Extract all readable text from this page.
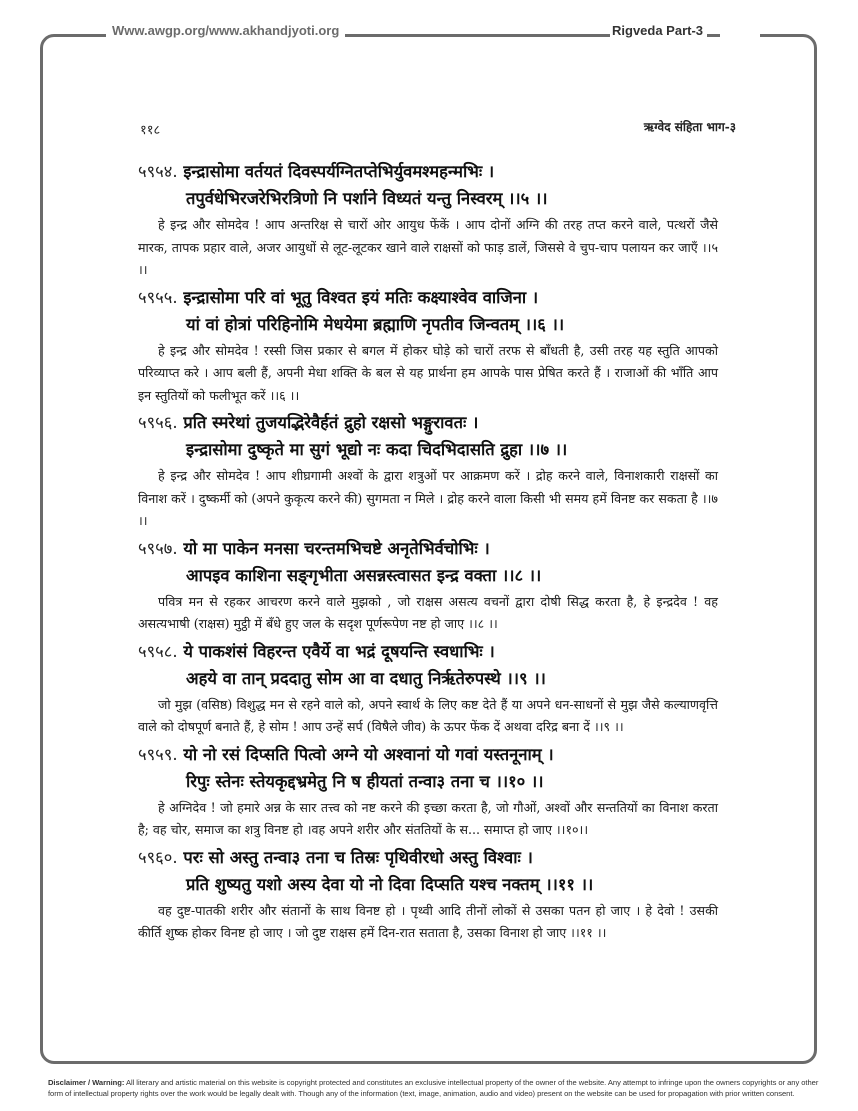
Www.awgp.org/www.akhandjyoti.org	Rigveda Part-3
११८	ऋग्वेद संहिता भाग-३
५९५४. इन्द्रासोमा वर्तयतं दिवस्पर्यग्नितप्तेभिर्युवमश्महन्मभिः ।
तपुर्वधेभिरजरेभिरत्रिणो नि पर्शाने विध्यतं यन्तु निस्वरम् ।।५ ।।

हे इन्द्र और सोमदेव ! आप अन्तरिक्ष से चारों ओर आयुध फेंकें । आप दोनों अग्नि की तरह तप्त करने वाले, पत्थरों जैसे मारक, तापक प्रहार वाले, अजर आयुधों से लूट-लूटकर खाने वाले राक्षसों को फाड़ डालें, जिससे वे चुप-चाप पलायन कर जाएँ ।।५ ।।

५९५५. इन्द्रासोमा परि वां भूतु विश्वत इयं मतिः कक्ष्याश्वेव वाजिना ।
यां वां होत्रां परिहिनोमि मेधयेमा ब्रह्माणि नृपतीव जिन्वतम् ।।६ ।।

हे इन्द्र और सोमदेव ! रस्सी जिस प्रकार से बगल में होकर घोड़े को चारों तरफ से बाँधती है, उसी तरह यह स्तुति आपको परिव्याप्त करे । आप बली हैं, अपनी मेधा शक्ति के बल से यह प्रार्थना हम आपके पास प्रेषित करते हैं । राजाओं की भाँति आप इन स्तुतियों को फलीभूत करें ।।६ ।।

५९५६. प्रति स्मरेथां तुजयद्भिरेवैर्हतं द्रुहो रक्षसो भङ्गुरावतः ।
इन्द्रासोमा दुष्कृते मा सुगं भूद्यो नः कदा चिदभिदासति द्रुहा ।।७ ।।

हे इन्द्र और सोमदेव ! आप शीघ्रगामी अश्वों के द्वारा शत्रुओं पर आक्रमण करें । द्रोह करने वाले, विनाशकारी राक्षसों का विनाश करें । दुष्कर्मी को (अपने कुकृत्य करने की) सुगमता न मिले । द्रोह करने वाला किसी भी समय हमें विनष्ट कर सकता है ।।७ ।।

५९५७. यो मा पाकेन मनसा चरन्तमभिचष्टे अनृतेभिर्वचोभिः ।
आपइव काशिना सङ्गृभीता असन्नस्त्वासत इन्द्र वक्ता ।।८ ।।

पवित्र मन से रहकर आचरण करने वाले मुझको , जो राक्षस असत्य वचनों द्वारा दोषी सिद्ध करता है, हे इन्द्रदेव ! वह असत्यभाषी (राक्षस) मुट्ठी में बँधे हुए जल के सदृश पूर्णरूपेण नष्ट हो जाए ।।८ ।।

५९५८. ये पाकशंसं विहरन्त एवैर्ये वा भद्रं दूषयन्ति स्वधाभिः ।
अहये वा तान् प्रददातु सोम आ वा दधातु निर्ऋतेरुपस्थे ।।९ ।।

जो मुझ (वसिष्ठ) विशुद्ध मन से रहने वाले को, अपने स्वार्थ के लिए कष्ट देते हैं या अपने धन-साधनों से मुझ जैसे कल्याणवृत्ति वाले को दोषपूर्ण बनाते हैं, हे सोम ! आप उन्हें सर्प (विषैले जीव) के ऊपर फेंक दें अथवा दरिद्र बना दें ।।९ ।।

५९५९. यो नो रसं दिप्सति पित्वो अग्ने यो अश्वानां यो गवां यस्तनूनाम् ।
रिपुः स्तेनः स्तेयकृद्दभ्रमेतु नि ष हीयतां तन्वा३ तना च ।।१० ।।

हे अग्निदेव ! जो हमारे अन्न के सार तत्त्व को नष्ट करने की इच्छा करता है, जो गौओं, अश्वों और सन्ततियों का विनाश करता है; वह चोर, समाज का शत्रु विनष्ट हो ।वह अपने शरीर और संततियों के स... समाप्त हो जाए ।।१०।।

५९६०. परः सो अस्तु तन्वा३ तना च तिस्रः पृथिवीरधो अस्तु विश्वाः ।
प्रति शुष्यतु यशो अस्य देवा यो नो दिवा दिप्सति यश्च नक्तम् ।।११ ।।

वह दुष्ट-पातकी शरीर और संतानों के साथ विनष्ट हो । पृथ्वी आदि तीनों लोकों से उसका पतन हो जाए । हे देवो ! उसकी कीर्ति शुष्क होकर विनष्ट हो जाए । जो दुष्ट राक्षस हमें दिन-रात सताता है, उसका विनाश हो जाए ।।११ ।।

Disclaimer / Warning: All literary and artistic material on this website is copyright protected and constitutes an exclusive intellectual property of the owner of the website. Any attempt to infringe upon the owners copyrights or any other form of intellectual property rights over the work would be legally dealt with. Though any of the information (text, image, animation, audio and video) present on the website can be used for propagation with prior written consent.
